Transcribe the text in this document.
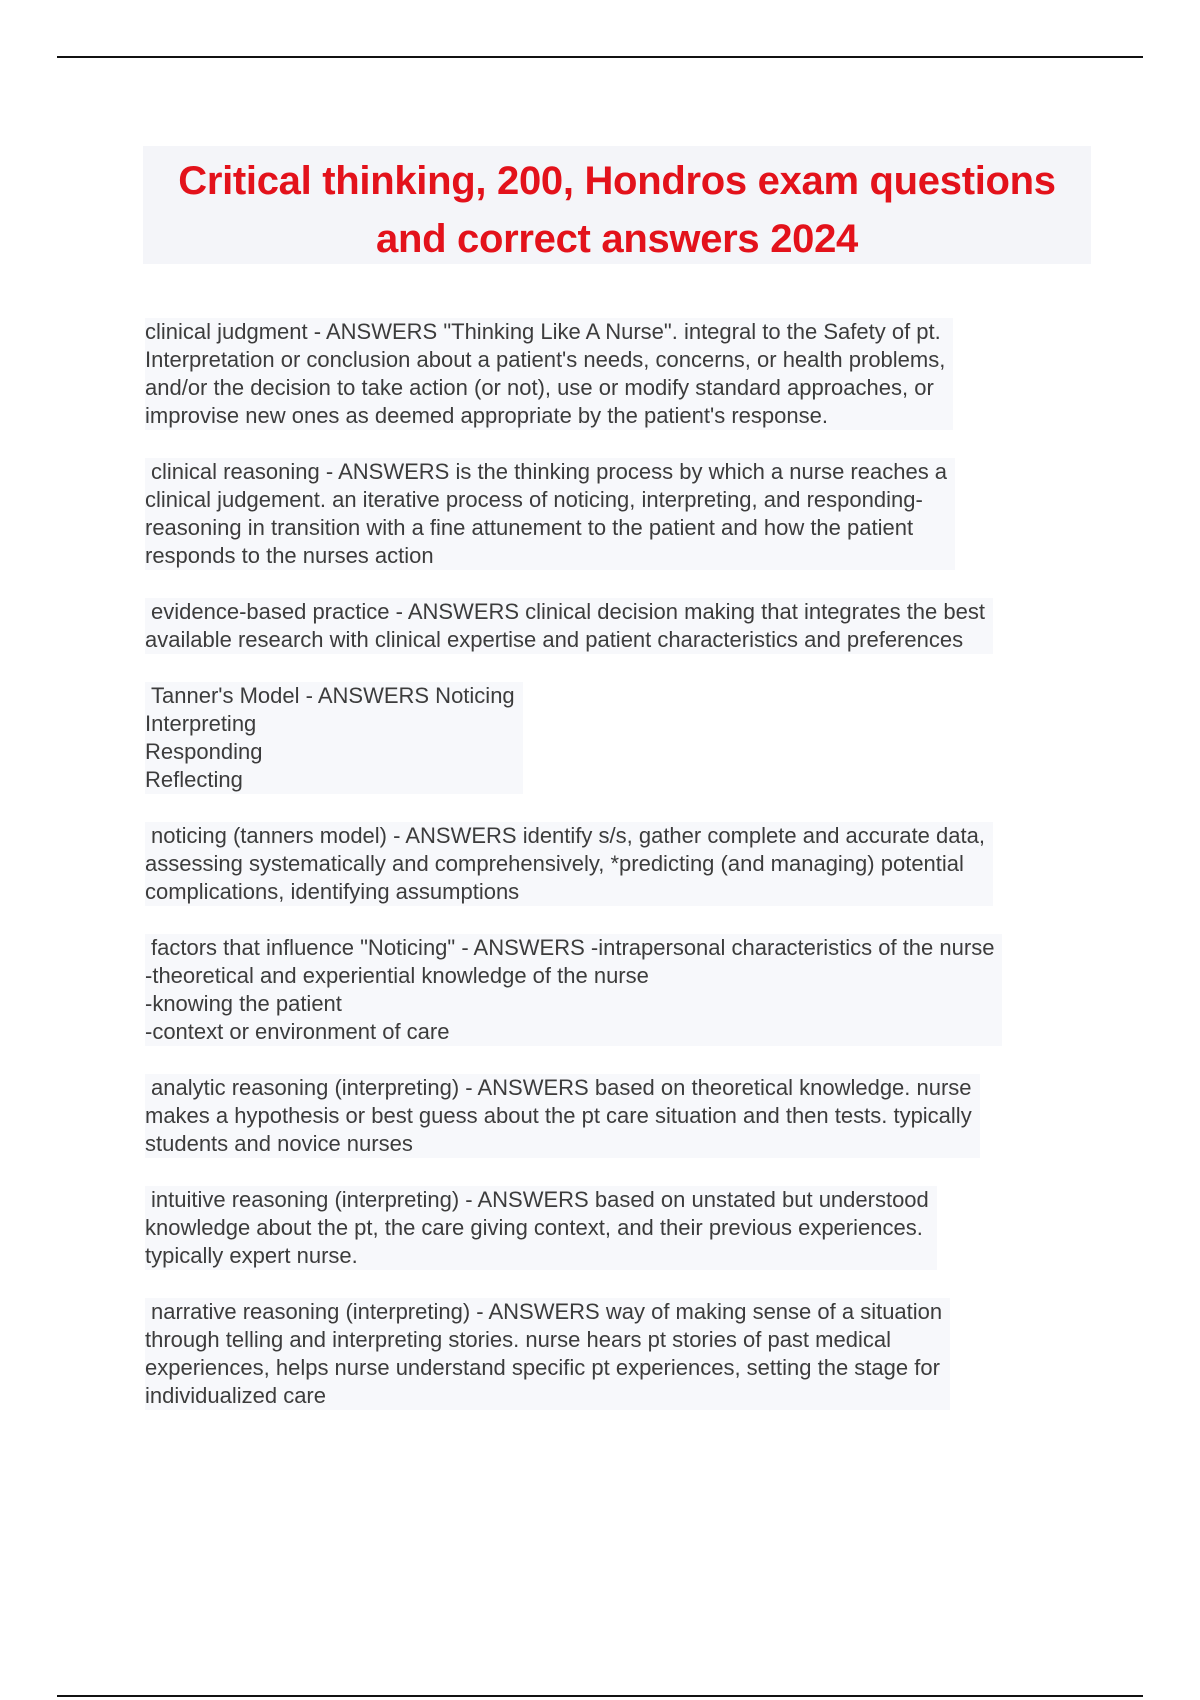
Critical thinking, 200, Hondros exam questions
and correct answers 2024
clinical judgment - ANSWERS "Thinking Like A Nurse". integral to the Safety of pt.
Interpretation or conclusion about a patient's needs, concerns, or health problems,
and/or the decision to take action (or not), use or modify standard approaches, or
improvise new ones as deemed appropriate by the patient's response.
clinical reasoning - ANSWERS is the thinking process by which a nurse reaches a
clinical judgement. an iterative process of noticing, interpreting, and responding-
reasoning in transition with a fine attunement to the patient and how the patient
responds to the nurses action
evidence-based practice - ANSWERS clinical decision making that integrates the best
available research with clinical expertise and patient characteristics and preferences
Tanner's Model - ANSWERS Noticing
Interpreting
Responding
Reflecting
noticing (tanners model) - ANSWERS identify s/s, gather complete and accurate data,
assessing systematically and comprehensively, *predicting (and managing) potential
complications, identifying assumptions
factors that influence "Noticing" - ANSWERS -intrapersonal characteristics of the nurse
-theoretical and experiential knowledge of the nurse
-knowing the patient
-context or environment of care
analytic reasoning (interpreting) - ANSWERS based on theoretical knowledge. nurse
makes a hypothesis or best guess about the pt care situation and then tests. typically
students and novice nurses
intuitive reasoning (interpreting) - ANSWERS based on unstated but understood
knowledge about the pt, the care giving context, and their previous experiences.
typically expert nurse.
narrative reasoning (interpreting) - ANSWERS way of making sense of a situation
through telling and interpreting stories. nurse hears pt stories of past medical
experiences, helps nurse understand specific pt experiences, setting the stage for
individualized care
